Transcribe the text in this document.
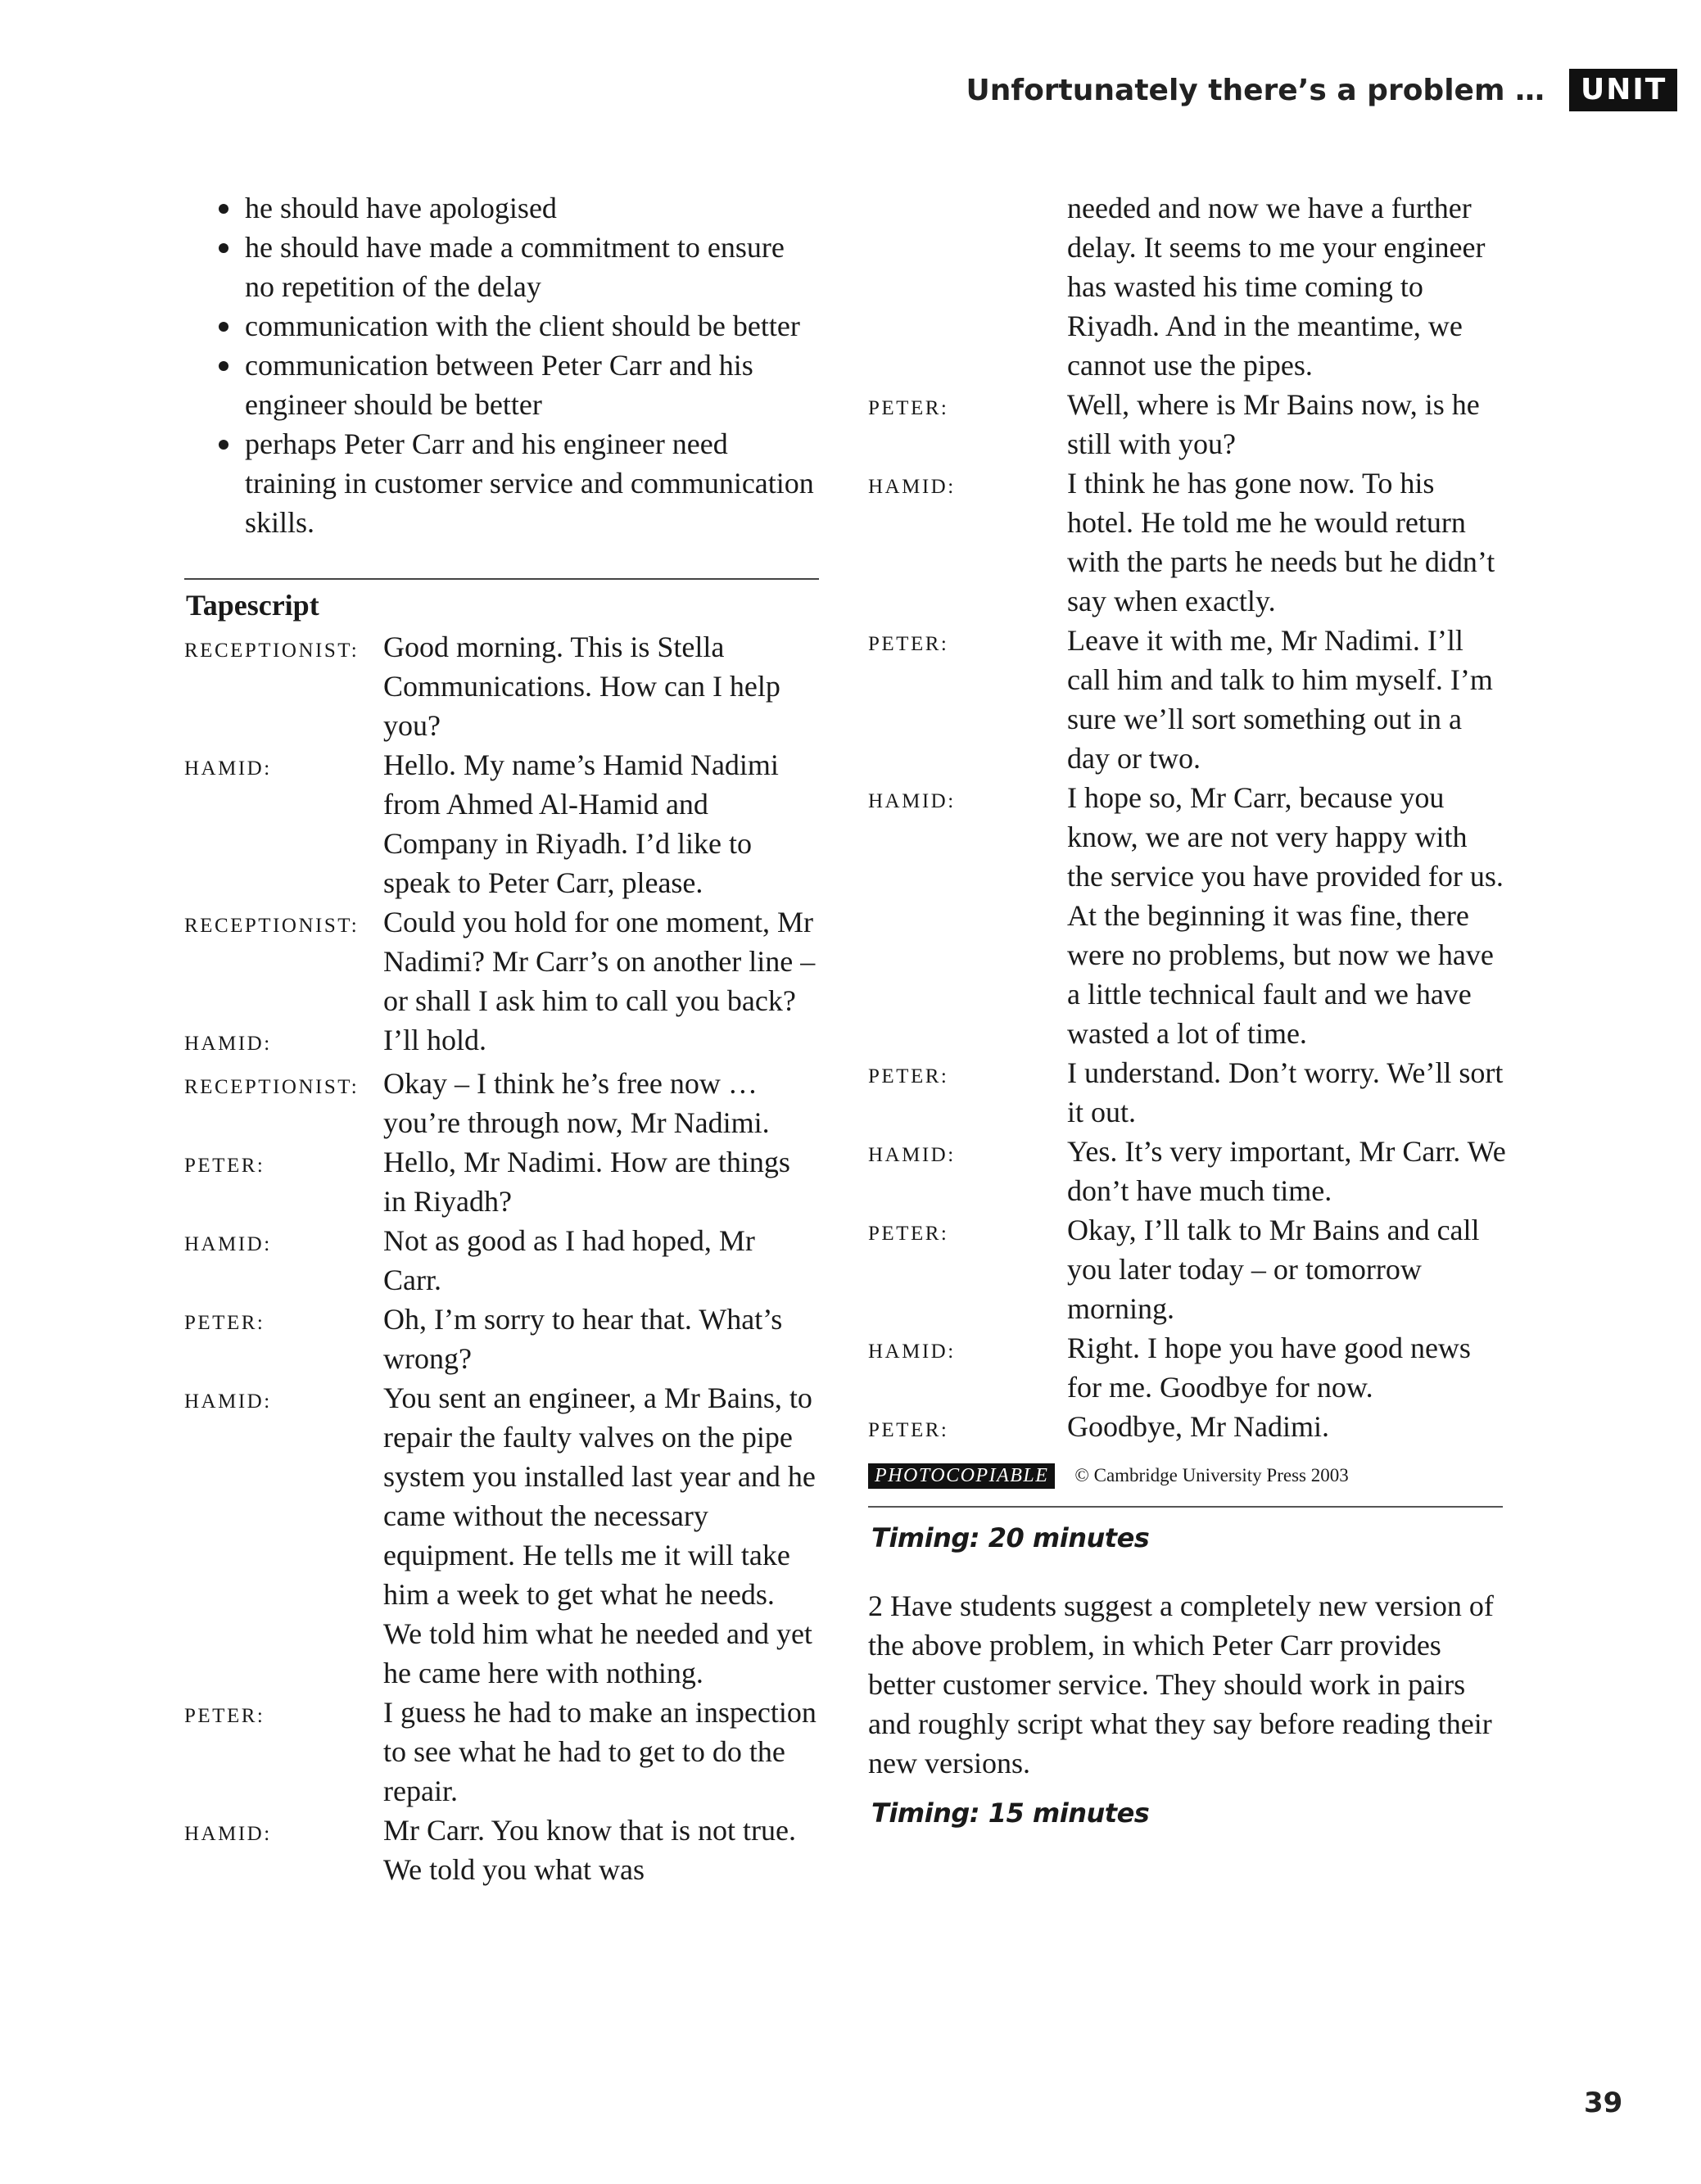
Unfortunately there’s a problem …	UNIT 5
he should have apologised
he should have made a commitment to ensure no repetition of the delay
communication with the client should be better
communication between Peter Carr and his engineer should be better
perhaps Peter Carr and his engineer need training in customer service and communication skills.
Tapescript
RECEPTIONIST: Good morning. This is Stella Communications. How can I help you?
HAMID:	Hello. My name’s Hamid Nadimi from Ahmed Al-Hamid and Company in Riyadh. I’d like to speak to Peter Carr, please.
RECEPTIONIST: Could you hold for one moment, Mr Nadimi? Mr Carr’s on another line – or shall I ask him to call you back?
HAMID:	I’ll hold.
RECEPTIONIST: Okay – I think he’s free now … you’re through now, Mr Nadimi.
PETER:	Hello, Mr Nadimi. How are things in Riyadh?
HAMID:	Not as good as I had hoped, Mr Carr.
PETER:	Oh, I’m sorry to hear that. What’s wrong?
HAMID:	You sent an engineer, a Mr Bains, to repair the faulty valves on the pipe system you installed last year and he came without the necessary equipment. He tells me it will take him a week to get what he needs. We told him what he needed and yet he came here with nothing.
PETER:	I guess he had to make an inspection to see what he had to get to do the repair.
HAMID:	Mr Carr. You know that is not true. We told you what was
needed and now we have a further delay. It seems to me your engineer has wasted his time coming to Riyadh. And in the meantime, we cannot use the pipes.
PETER:	Well, where is Mr Bains now, is he still with you?
HAMID:	I think he has gone now. To his hotel. He told me he would return with the parts he needs but he didn’t say when exactly.
PETER:	Leave it with me, Mr Nadimi. I’ll call him and talk to him myself. I’m sure we’ll sort something out in a day or two.
HAMID:	I hope so, Mr Carr, because you know, we are not very happy with the service you have provided for us. At the beginning it was fine, there were no problems, but now we have a little technical fault and we have wasted a lot of time.
PETER:	I understand. Don’t worry. We’ll sort it out.
HAMID:	Yes. It’s very important, Mr Carr. We don’t have much time.
PETER:	Okay, I’ll talk to Mr Bains and call you later today – or tomorrow morning.
HAMID:	Right. I hope you have good news for me. Goodbye for now.
PETER:	Goodbye, Mr Nadimi.
PHOTOCOPIABLE	© Cambridge University Press 2003
Timing: 20 minutes

2 Have students suggest a completely new version of the above problem, in which Peter Carr provides better customer service. They should work in pairs and roughly script what they say before reading their new versions.

Timing: 15 minutes
39
